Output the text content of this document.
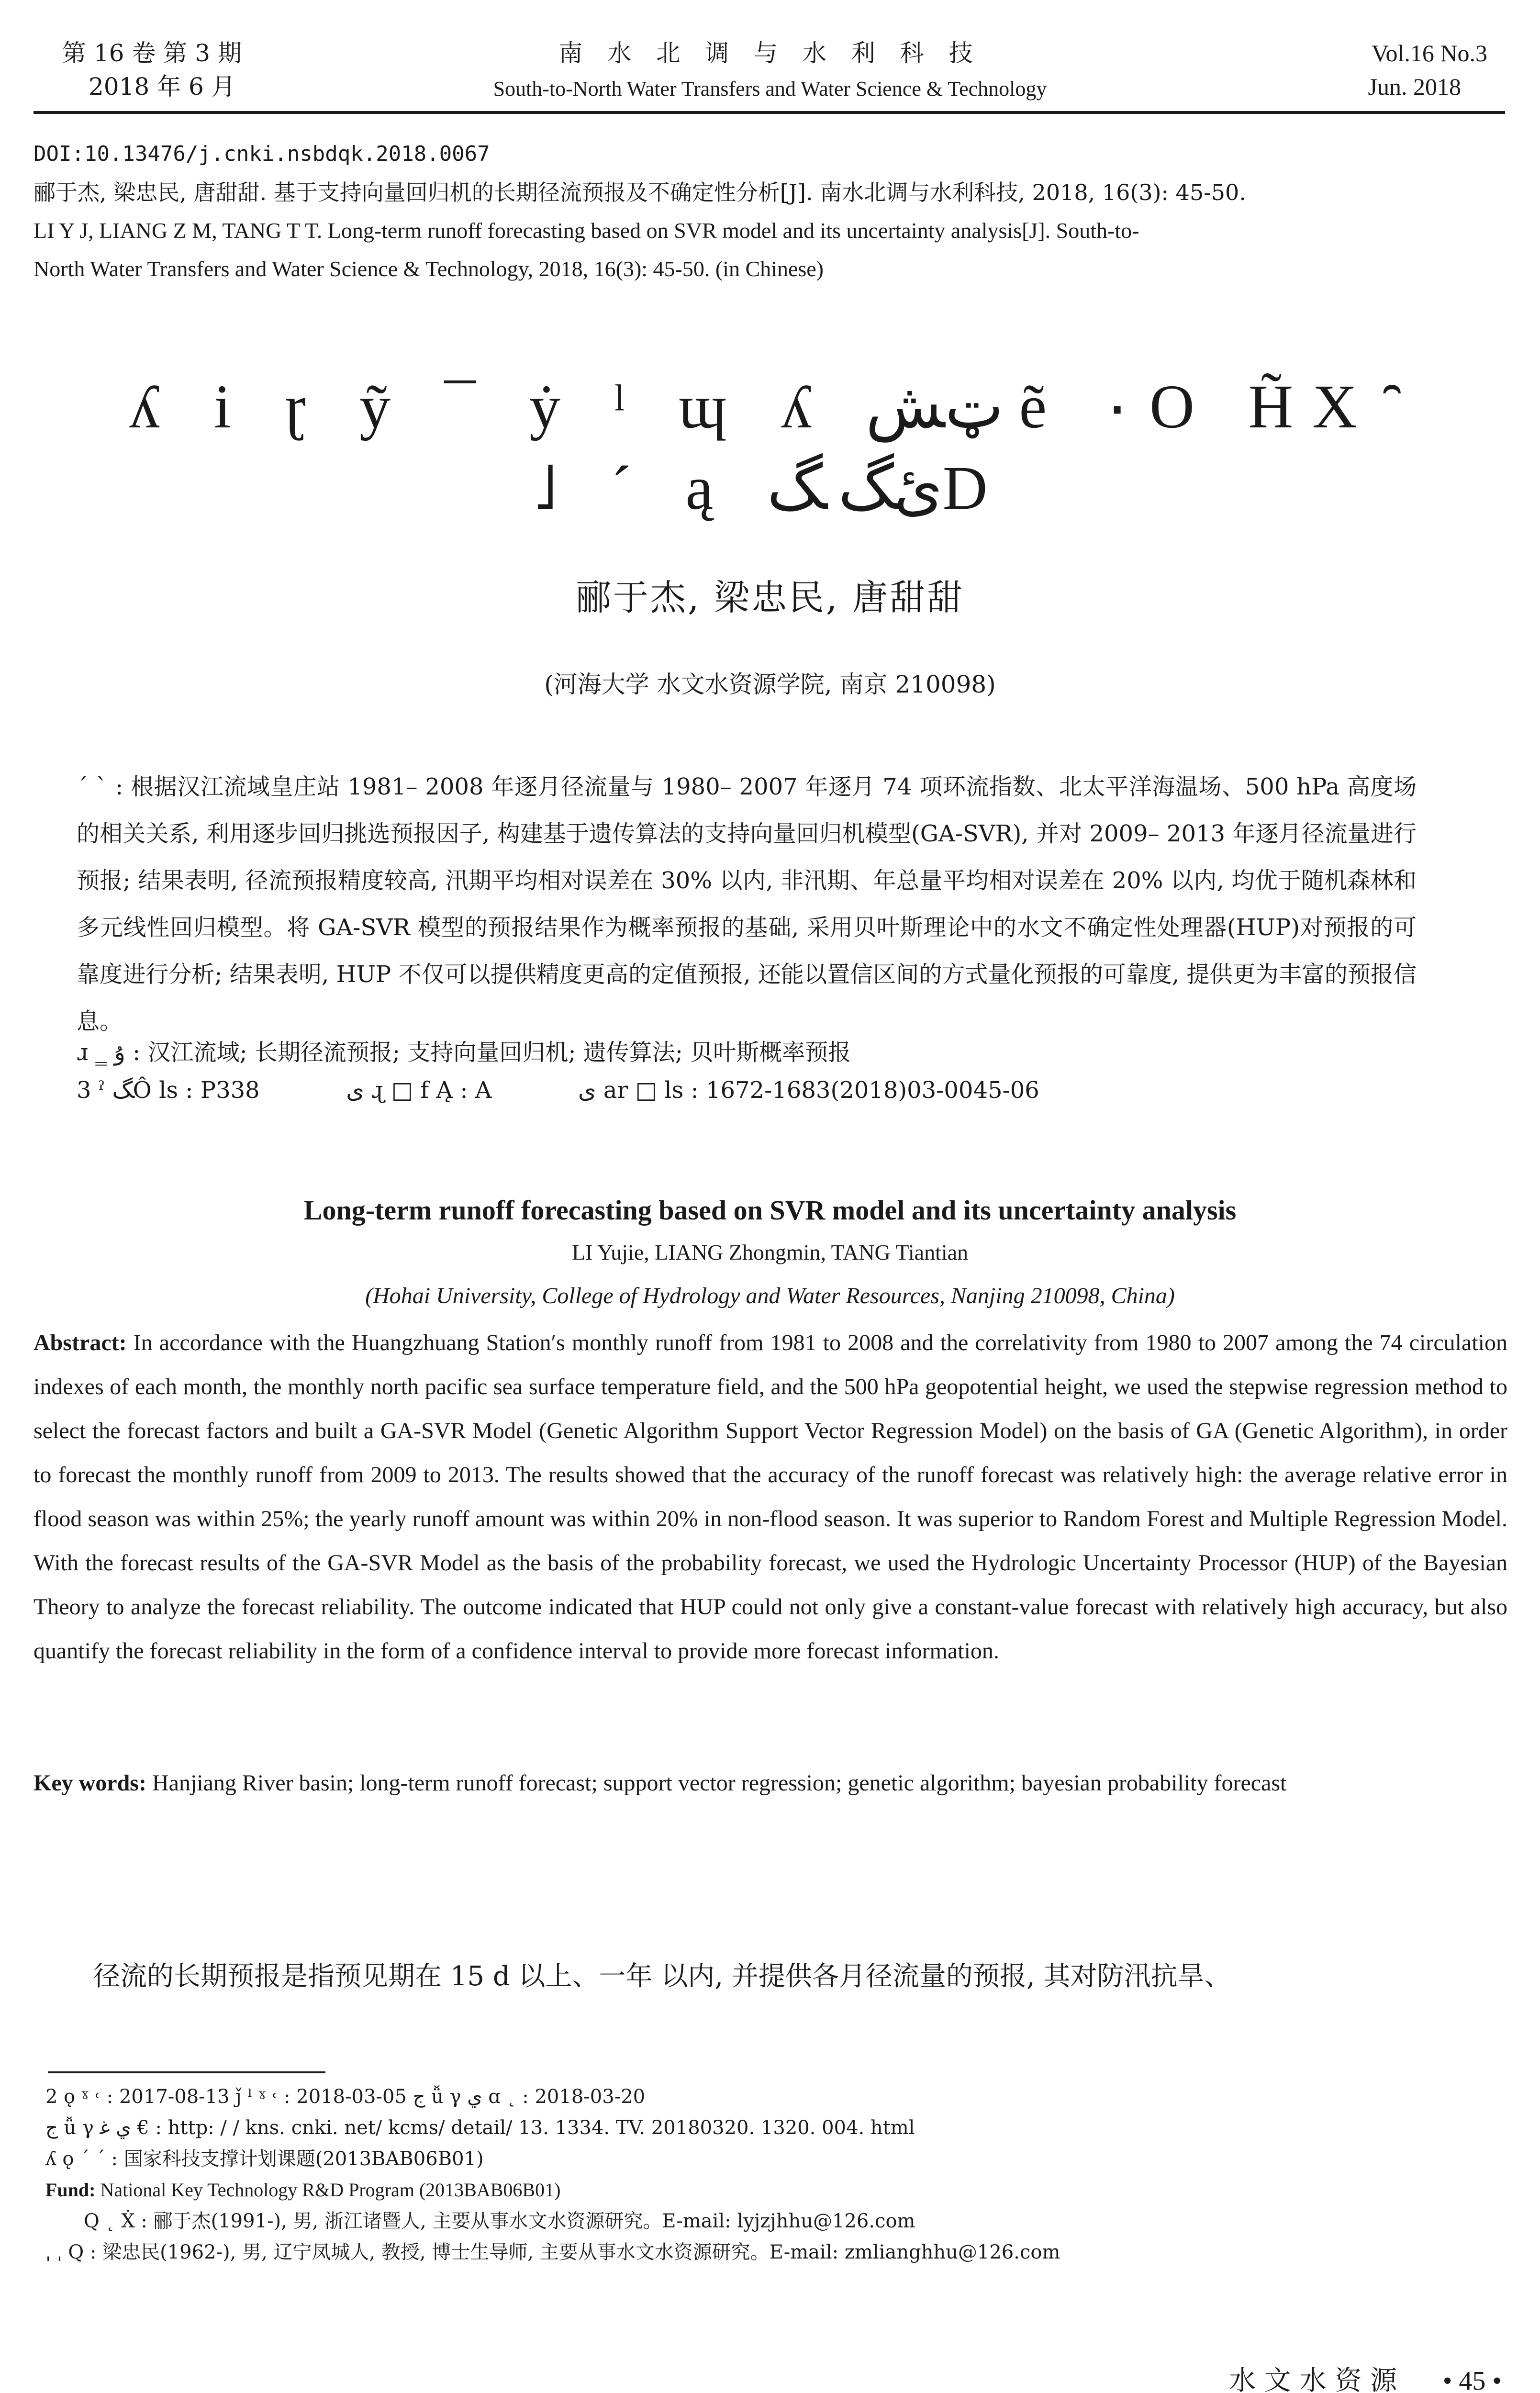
第 16 卷 第 3 期
2018 年 6 月
南 水 北 调 与 水 利 科 技
South-to-North Water Transfers and Water Science & Technology
Vol.16 No.3
Jun. 2018
DOI:10.13476/j.cnki.nsbdqk.2018.0067
郦于杰, 梁忠民, 唐甜甜. 基于支持向量回归机的长期径流预报及不确定性分析[J]. 南水北调与水利科技, 2018, 16(3): 45-50.
LI Y J, LIANG Z M, TANG T T. Long-term runoff forecasting based on SVR model and its uncertainty analysis[J]. South-to-
North Water Transfers and Water Science & Technology, 2018, 16(3): 45-50. (in Chinese)
ʎ i ɽ ỹ ¯ ẏ ˡ ɰ ʎ ټﺶ ẽ ٠ O H̃X ̑
˩ ´ ą ئﮓ ﮓD
郦于杰, 梁忠民, 唐甜甜
(河海大学 水文水资源学院, 南京 210098)
ˊ ˋ : 根据汉江流域皇庄站 1981– 2008 年逐月径流量与 1980– 2007 年逐月 74 项环流指数、北太平洋海温场、500 hPa 高度场的相关关系, 利用逐步回归挑选预报因子, 构建基于遗传算法的支持向量回归机模型(GA-SVR), 并对 2009– 2013 年逐月径流量进行预报; 结果表明, 径流预报精度较高, 汛期平均相对误差在 30% 以内, 非汛期、年总量平均相对误差在 20% 以内, 均优于随机森林和多元线性回归模型。将 GA-SVR 模型的预报结果作为概率预报的基础, 采用贝叶斯理论中的水文不确定性处理器(HUP)对预报的可靠度进行分析; 结果表明, HUP 不仅可以提供精度更高的定值预报, 还能以置信区间的方式量化预报的可靠度, 提供更为丰富的预报信息。
ɹ ‗ ﯗ : 汉江流域; 长期径流预报; 支持向量回归机; 遗传算法; 贝叶斯概率预报
3 ˀ ﮓÔ ls : P338	ی ɻ □ f Ą : A	ی ar □ ls : 1672-1683(2018)03-0045-06
Long-term runoff forecasting based on SVR model and its uncertainty analysis
LI Yujie, LIANG Zhongmin, TANG Tiantian
(Hohai University, College of Hydrology and Water Resources, Nanjing 210098, China)
Abstract: In accordance with the Huangzhuang Station′s monthly runoff from 1981 to 2008 and the correlativity from 1980 to 2007 among the 74 circulation indexes of each month, the monthly north pacific sea surface temperature field, and the 500 hPa geopotential height, we used the stepwise regression method to select the forecast factors and built a GA-SVR Model (Genetic Algorithm Support Vector Regression Model) on the basis of GA (Genetic Algorithm), in order to forecast the monthly runoff from 2009 to 2013. The results showed that the accuracy of the runoff forecast was relatively high: the average relative error in flood season was within 25%; the yearly runoff amount was within 20% in non-flood season. It was superior to Random Forest and Multiple Regression Model. With the forecast results of the GA-SVR Model as the basis of the probability forecast, we used the Hydrologic Uncertainty Processor (HUP) of the Bayesian Theory to analyze the forecast reliability. The outcome indicated that HUP could not only give a constant-value forecast with relatively high accuracy, but also quantify the forecast reliability in the form of a confidence interval to provide more forecast information.
Key words: Hanjiang River basin; long-term runoff forecast; support vector regression; genetic algorithm; bayesian probability forecast
径流的长期预报是指预见期在 15 d 以上、一年 以内, 并提供各月径流量的预报, 其对防汛抗旱、
2 ǫ ˠ ˓ : 2017-08-13 ǰ ˡ ˠ ˓ : 2018-03-05 ج ǚ γ ي ɑ ˛ : 2018-03-20
ج ǚ γ ي ﻏ € : http: / / kns. cnki. net/ kcms/ detail/ 13. 1334. TV. 20180320. 1320. 004. html
ʎ ǫ ˊ ˊ : 国家科技支撑计划课题(2013BAB06B01)
Fund: National Key Technology R&D Program (2013BAB06B01)
Q ˛ Ẋ : 郦于杰(1991-), 男, 浙江诸暨人, 主要从事水文水资源研究。E-mail: lyjzjhhu@126.com
ˌ ˌ Q : 梁忠民(1962-), 男, 辽宁凤城人, 教授, 博士生导师, 主要从事水文水资源研究。E-mail: zmlianghhu@126.com
水 文 水 资 源 • 45 •
